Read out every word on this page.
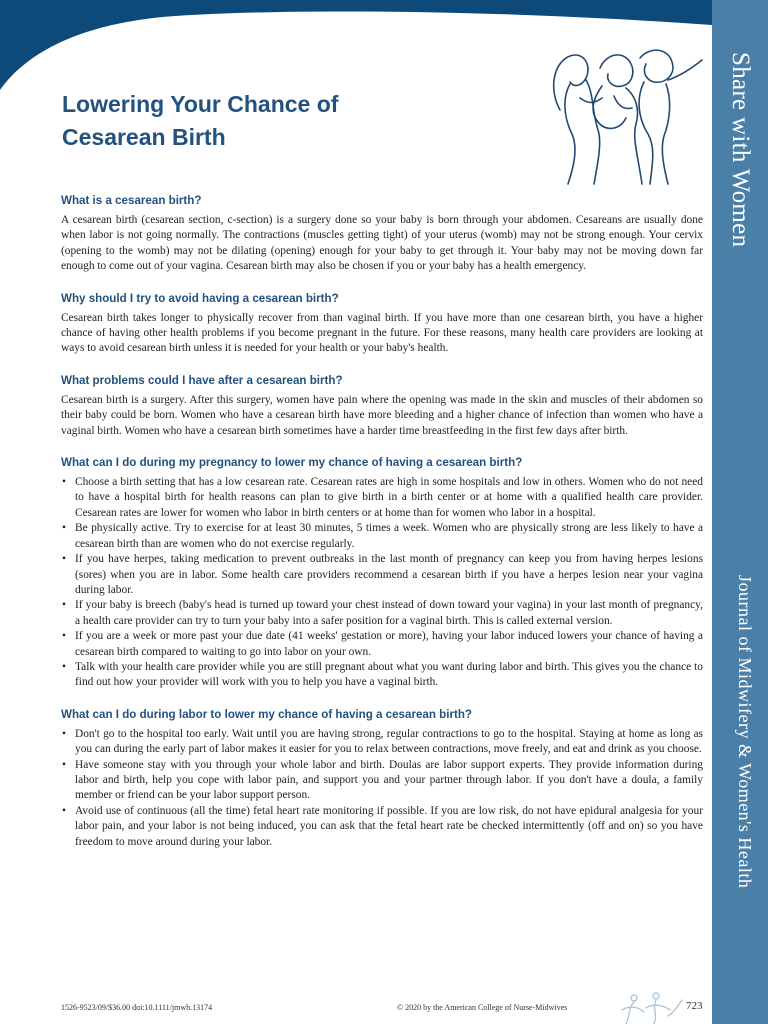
Share with Women
Journal of Midwifery & Women's Health
Lowering Your Chance of
Cesarean Birth
What is a cesarean birth?

A cesarean birth (cesarean section, c-section) is a surgery done so your baby is born through your abdomen. Cesareans are usually done when labor is not going normally. The contractions (muscles getting tight) of your uterus (womb) may not be strong enough. Your cervix (opening to the womb) may not be dilating (opening) enough for your baby to get through it. Your baby may not be moving down far enough to come out of your vagina. Cesarean birth may also be chosen if you or your baby has a health emergency.

Why should I try to avoid having a cesarean birth?

Cesarean birth takes longer to physically recover from than vaginal birth. If you have more than one cesarean birth, you have a higher chance of having other health problems if you become pregnant in the future. For these reasons, many health care providers are looking at ways to avoid cesarean birth unless it is needed for your health or your baby's health.

What problems could I have after a cesarean birth?

Cesarean birth is a surgery. After this surgery, women have pain where the opening was made in the skin and muscles of their abdomen so their baby could be born. Women who have a cesarean birth have more bleeding and a higher chance of infection than women who have a vaginal birth. Women who have a cesarean birth sometimes have a harder time breastfeeding in the first few days after birth.

What can I do during my pregnancy to lower my chance of having a cesarean birth?
• Choose a birth setting that has a low cesarean rate. Cesarean rates are high in some hospitals and low in others. Women who do not need to have a hospital birth for health reasons can plan to give birth in a birth center or at home with a qualified health care provider. Cesarean rates are lower for women who labor in birth centers or at home than for women who labor in a hospital.
• Be physically active. Try to exercise for at least 30 minutes, 5 times a week. Women who are physically strong are less likely to have a cesarean birth than are women who do not exercise regularly.
• If you have herpes, taking medication to prevent outbreaks in the last month of pregnancy can keep you from having herpes lesions (sores) when you are in labor. Some health care providers recommend a cesarean birth if you have a herpes lesion near your vagina during labor.
• If your baby is breech (baby's head is turned up toward your chest instead of down toward your vagina) in your last month of pregnancy, a health care provider can try to turn your baby into a safer position for a vaginal birth. This is called external version.
• If you are a week or more past your due date (41 weeks' gestation or more), having your labor induced lowers your chance of having a cesarean birth compared to waiting to go into labor on your own.
• Talk with your health care provider while you are still pregnant about what you want during labor and birth. This gives you the chance to find out how your provider will work with you to help you have a vaginal birth.
What can I do during labor to lower my chance of having a cesarean birth?
• Don't go to the hospital too early. Wait until you are having strong, regular contractions to go to the hospital. Staying at home as long as you can during the early part of labor makes it easier for you to relax between contractions, move freely, and eat and drink as you choose.
• Have someone stay with you through your whole labor and birth. Doulas are labor support experts. They provide information during labor and birth, help you cope with labor pain, and support you and your partner through labor. If you don't have a doula, a family member or friend can be your labor support person.
• Avoid use of continuous (all the time) fetal heart rate monitoring if possible. If you are low risk, do not have epidural analgesia for your labor pain, and your labor is not being induced, you can ask that the fetal heart rate be checked intermittently (off and on) so you have freedom to move around during your labor.
1526-9523/09/$36.00 doi:10.1111/jmwh.13174	© 2020 by the American College of Nurse-Midwives	723
